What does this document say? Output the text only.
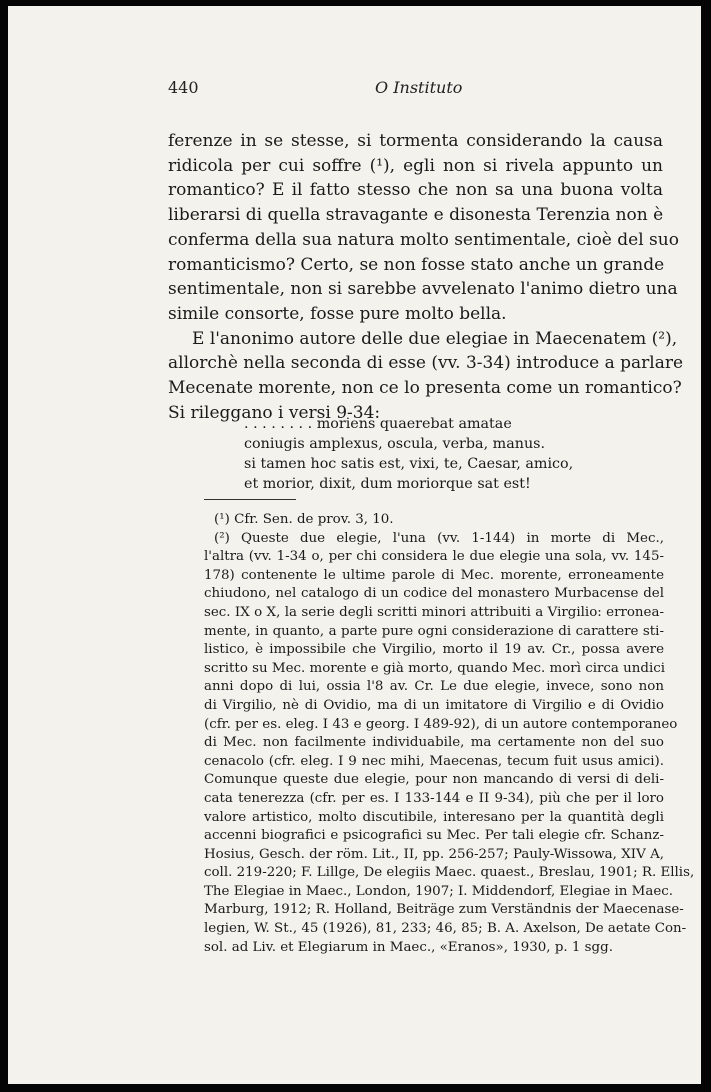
440	O Instituto
ferenze in se stesse, si tormenta considerando la causa
ridicola per cui soffre (¹), egli non si rivela appunto un
romantico? E il fatto stesso che non sa una buona volta
liberarsi di quella stravagante e disonesta Terenzia non è
conferma della sua natura molto sentimentale, cioè del suo
romanticismo? Certo, se non fosse stato anche un grande
sentimentale, non si sarebbe avvelenato l'animo dietro una
simile consorte, fosse pure molto bella.
E l'anonimo autore delle due elegiae in Maecenatem (²),
allorchè nella seconda di esse (vv. 3-34) introduce a parlare
Mecenate morente, non ce lo presenta come un romantico?
Si rileggano i versi 9-34:
. . . . . . . . moriens quaerebat amatae
coniugis amplexus, oscula, verba, manus.
si tamen hoc satis est, vixi, te, Caesar, amico,
et morior, dixit, dum moriorque sat est!
(¹) Cfr. Sen. de prov. 3, 10.
(²) Queste due elegie, l'una (vv. 1-144) in morte di Mec.,
l'altra (vv. 1-34 o, per chi considera le due elegie una sola, vv. 145-
178) contenente le ultime parole di Mec. morente, erroneamente
chiudono, nel catalogo di un codice del monastero Murbacense del
sec. IX o X, la serie degli scritti minori attribuiti a Virgilio: erronea-
mente, in quanto, a parte pure ogni considerazione di carattere sti-
listico, è impossibile che Virgilio, morto il 19 av. Cr., possa avere
scritto su Mec. morente e già morto, quando Mec. morì circa undici
anni dopo di lui, ossia l'8 av. Cr. Le due elegie, invece, sono non
di Virgilio, nè di Ovidio, ma di un imitatore di Virgilio e di Ovidio
(cfr. per es. eleg. I 43 e georg. I 489-92), di un autore contemporaneo
di Mec. non facilmente individuabile, ma certamente non del suo
cenacolo (cfr. eleg. I 9 nec mihi, Maecenas, tecum fuit usus amici).
Comunque queste due elegie, pour non mancando di versi di deli-
cata tenerezza (cfr. per es. I 133-144 e II 9-34), più che per il loro
valore artistico, molto discutibile, interesano per la quantità degli
accenni biografici e psicografici su Mec. Per tali elegie cfr. Schanz-
Hosius, Gesch. der röm. Lit., II, pp. 256-257; Pauly-Wissowa, XIV A,
coll. 219-220; F. Lillge, De elegiis Maec. quaest., Breslau, 1901; R. Ellis,
The Elegiae in Maec., London, 1907; I. Middendorf, Elegiae in Maec.
Marburg, 1912; R. Holland, Beiträge zum Verständnis der Maecenase-
legien, W. St., 45 (1926), 81, 233; 46, 85; B. A. Axelson, De aetate Con-
sol. ad Liv. et Elegiarum in Maec., «Eranos», 1930, p. 1 sgg.
